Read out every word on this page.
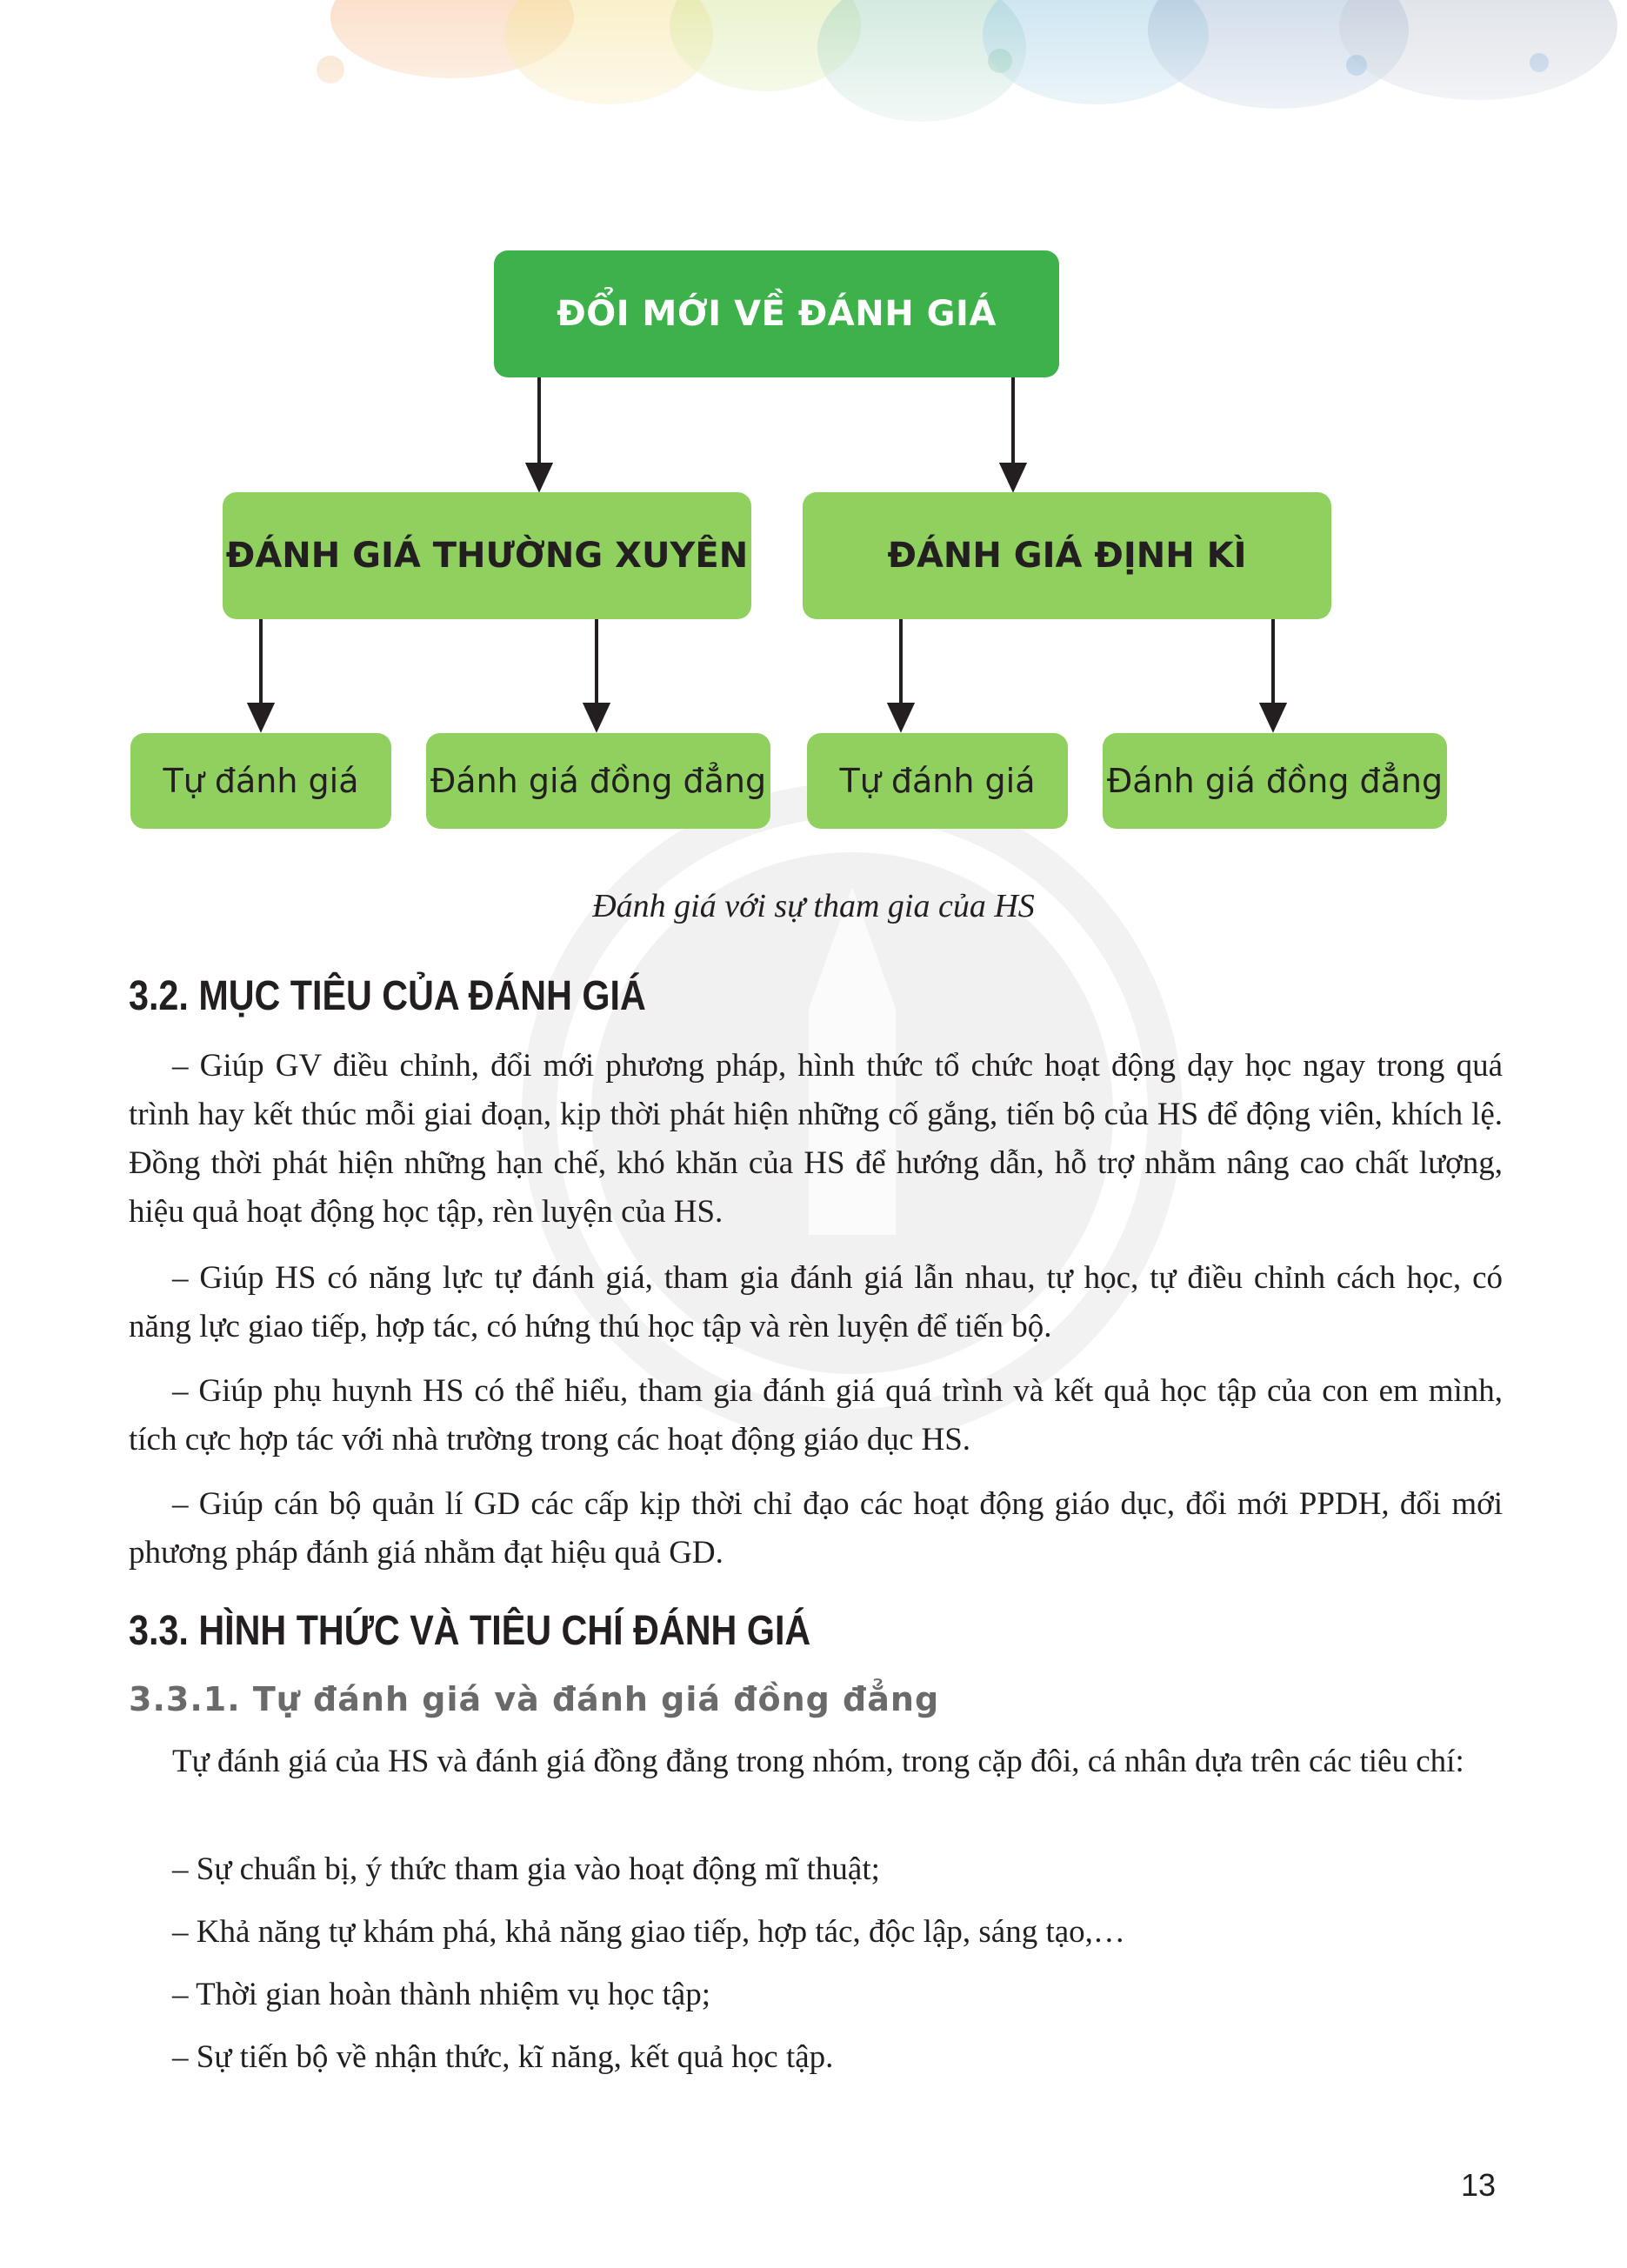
ĐỔI MỚI VỀ ĐÁNH GIÁ
ĐÁNH GIÁ THƯỜNG XUYÊN	ĐÁNH GIÁ ĐỊNH KÌ
Tự đánh giá Đánh giá đồng đẳng Tự đánh giá Đánh giá đồng đẳng
Đánh giá với sự tham gia của HS
3.2. MỤC TIÊU CỦA ĐÁNH GIÁ
– Giúp GV điều chỉnh, đổi mới phương pháp, hình thức tổ chức hoạt động dạy học ngay trong quá trình hay kết thúc mỗi giai đoạn, kịp thời phát hiện những cố gắng, tiến bộ của HS để động viên, khích lệ. Đồng thời phát hiện những hạn chế, khó khăn của HS để hướng dẫn, hỗ trợ nhằm nâng cao chất lượng, hiệu quả hoạt động học tập, rèn luyện của HS.
– Giúp HS có năng lực tự đánh giá, tham gia đánh giá lẫn nhau, tự học, tự điều chỉnh cách học, có năng lực giao tiếp, hợp tác, có hứng thú học tập và rèn luyện để tiến bộ.
– Giúp phụ huynh HS có thể hiểu, tham gia đánh giá quá trình và kết quả học tập của con em mình, tích cực hợp tác với nhà trường trong các hoạt động giáo dục HS.
– Giúp cán bộ quản lí GD các cấp kịp thời chỉ đạo các hoạt động giáo dục, đổi mới PPDH, đổi mới phương pháp đánh giá nhằm đạt hiệu quả GD.
3.3. HÌNH THỨC VÀ TIÊU CHÍ ĐÁNH GIÁ
3.3.1. Tự đánh giá và đánh giá đồng đẳng
Tự đánh giá của HS và đánh giá đồng đẳng trong nhóm, trong cặp đôi, cá nhân dựa trên các tiêu chí:
– Sự chuẩn bị, ý thức tham gia vào hoạt động mĩ thuật;
– Khả năng tự khám phá, khả năng giao tiếp, hợp tác, độc lập, sáng tạo,…
– Thời gian hoàn thành nhiệm vụ học tập;
– Sự tiến bộ về nhận thức, kĩ năng, kết quả học tập.
13
